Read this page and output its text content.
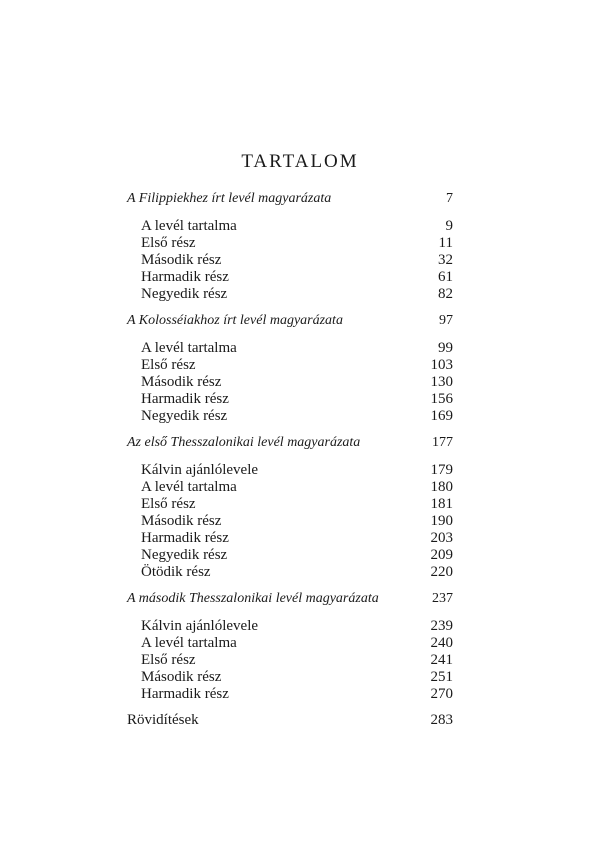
TARTALOM
A Filippiekhez írt levél magyarázata	7
A levél tartalma	9
Első rész	11
Második rész	32
Harmadik rész	61
Negyedik rész	82
A Kolosséiakhoz írt levél magyarázata	97
A levél tartalma	99
Első rész	103
Második rész	130
Harmadik rész	156
Negyedik rész	169
Az első Thesszalonikai levél magyarázata	177
Kálvin ajánlólevele	179
A levél tartalma	180
Első rész	181
Második rész	190
Harmadik rész	203
Negyedik rész	209
Ötödik rész	220
A második Thesszalonikai levél magyarázata	237
Kálvin ajánlólevele	239
A levél tartalma	240
Első rész	241
Második rész	251
Harmadik rész	270
Rövidítések	283
